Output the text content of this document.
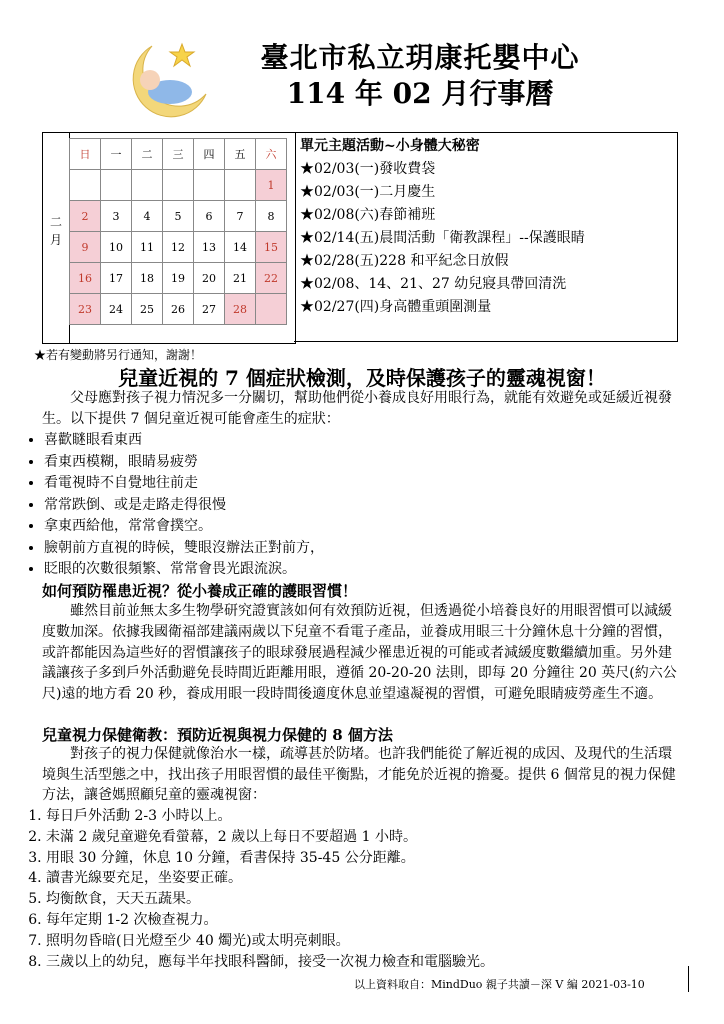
臺北市私立玥康托嬰中心
114 年 02 月行事曆
二月
日	一	二	三	四	五	六
						1
2	3	4	5	6	7	8
9	10	11	12	13	14	15
16	17	18	19	20	21	22
23	24	25	26	27	28	
單元主題活動~小身體大秘密
★02/03(一)發收費袋
★02/03(一)二月慶生
★02/08(六)春節補班
★02/14(五)晨間活動「衛教課程」--保護眼睛
★02/28(五)228 和平紀念日放假
★02/08、14、21、27 幼兒寢具帶回清洗
★02/27(四)身高體重頭圍測量
★若有變動將另行通知，謝謝！
兒童近視的 7 個症狀檢測，及時保護孩子的靈魂視窗！
父母應對孩子視力情況多一分關切，幫助他們從小養成良好用眼行為，就能有效避免或延緩近視發生。以下提供 7 個兒童近視可能會產生的症狀：
• 喜歡瞇眼看東西
• 看東西模糊，眼睛易疲勞
• 看電視時不自覺地往前走
• 常常跌倒、或是走路走得很慢
• 拿東西給他，常常會撲空。
• 臉朝前方直視的時候，雙眼沒辦法正對前方，
• 眨眼的次數很頻繁、常常會畏光跟流淚。
如何預防罹患近視？從小養成正確的護眼習慣！
雖然目前並無太多生物學研究證實該如何有效預防近視，但透過從小培養良好的用眼習慣可以減緩度數加深。依據我國衛福部建議兩歲以下兒童不看電子產品，並養成用眼三十分鐘休息十分鐘的習慣，或許都能因為這些好的習慣讓孩子的眼球發展過程減少罹患近視的可能或者減緩度數繼續加重。另外建議讓孩子多到戶外活動避免長時間近距離用眼，遵循 20-20-20 法則，即每 20 分鐘往 20 英尺(約六公尺)遠的地方看 20 秒，養成用眼一段時間後適度休息並望遠凝視的習慣，可避免眼睛疲勞產生不適。
兒童視力保健衛教：預防近視與視力保健的 8 個方法
對孩子的視力保健就像治水一樣，疏導甚於防堵。也許我們能從了解近視的成因、及現代的生活環境與生活型態之中，找出孩子用眼習慣的最佳平衡點，才能免於近視的擔憂。提供 6 個常見的視力保健方法，讓爸媽照顧兒童的靈魂視窗：
1. 每日戶外活動 2-3 小時以上。
2. 未滿 2 歲兒童避免看螢幕，2 歲以上每日不要超過 1 小時。
3. 用眼 30 分鐘，休息 10 分鐘，看書保持 35-45 公分距離。
4. 讀書光線要充足，坐姿要正確。
5. 均衡飲食，天天五蔬果。
6. 每年定期 1-2 次檢查視力。
7. 照明勿昏暗(日光燈至少 40 燭光)或太明亮刺眼。
8. 三歲以上的幼兒，應每半年找眼科醫師，接受一次視力檢查和電腦驗光。
以上資料取自：MindDuo 親子共讀－深 V 編 2021-03-10
